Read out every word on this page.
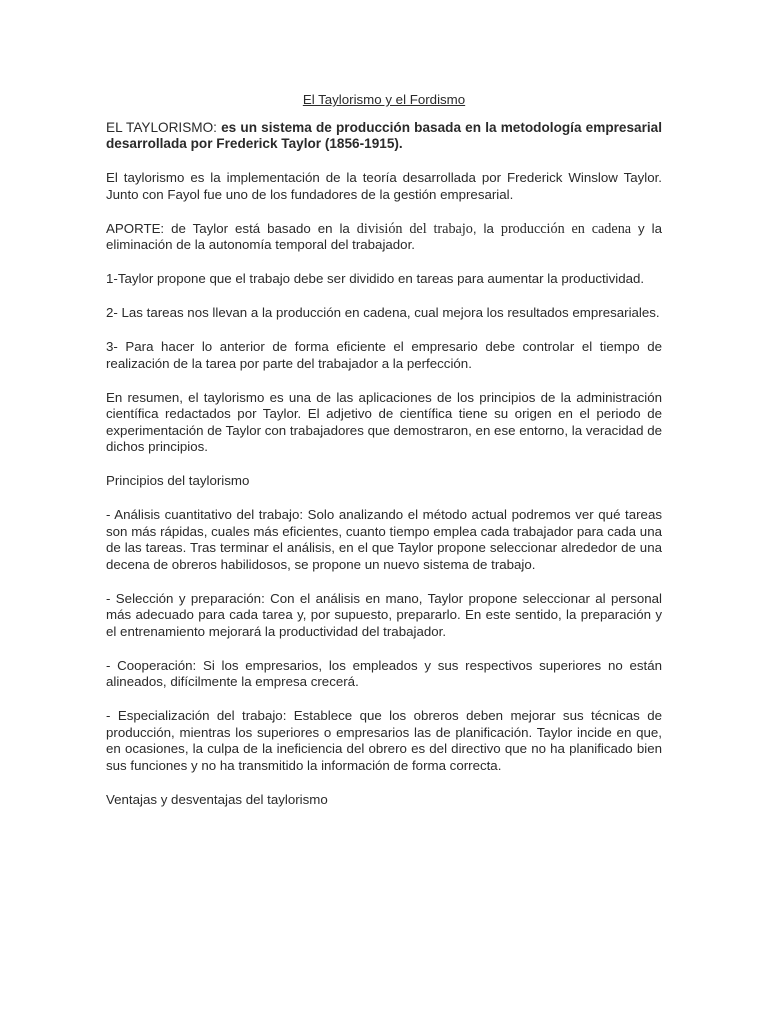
El Taylorismo y el Fordismo
EL TAYLORISMO: es un sistema de producción basada en la metodología empresarial desarrollada por Frederick Taylor (1856-1915).
El taylorismo es la implementación de la teoría desarrollada por Frederick Winslow Taylor. Junto con Fayol fue uno de los fundadores de la gestión empresarial.
APORTE: de Taylor está basado en la división del trabajo, la producción en cadena y la eliminación de la autonomía temporal del trabajador.
1-Taylor propone que el trabajo debe ser dividido en tareas para aumentar la productividad.
2- Las tareas nos llevan a la producción en cadena, cual mejora los resultados empresariales.
3- Para hacer lo anterior de forma eficiente el empresario debe controlar el tiempo de realización de la tarea por parte del trabajador a la perfección.
En resumen, el taylorismo es una de las aplicaciones de los principios de la administración científica redactados por Taylor. El adjetivo de científica tiene su origen en el periodo de experimentación de Taylor con trabajadores que demostraron, en ese entorno, la veracidad de dichos principios.
Principios del taylorismo
- Análisis cuantitativo del trabajo: Solo analizando el método actual podremos ver qué tareas son más rápidas, cuales más eficientes, cuanto tiempo emplea cada trabajador para cada una de las tareas. Tras terminar el análisis, en el que Taylor propone seleccionar alrededor de una decena de obreros habilidosos, se propone un nuevo sistema de trabajo.
- Selección y preparación: Con el análisis en mano, Taylor propone seleccionar al personal más adecuado para cada tarea y, por supuesto, prepararlo. En este sentido, la preparación y el entrenamiento mejorará la productividad del trabajador.
- Cooperación: Si los empresarios, los empleados y sus respectivos superiores no están alineados, difícilmente la empresa crecerá.
- Especialización del trabajo: Establece que los obreros deben mejorar sus técnicas de producción, mientras los superiores o empresarios las de planificación. Taylor incide en que, en ocasiones, la culpa de la ineficiencia del obrero es del directivo que no ha planificado bien sus funciones y no ha transmitido la información de forma correcta.
Ventajas y desventajas del taylorismo
